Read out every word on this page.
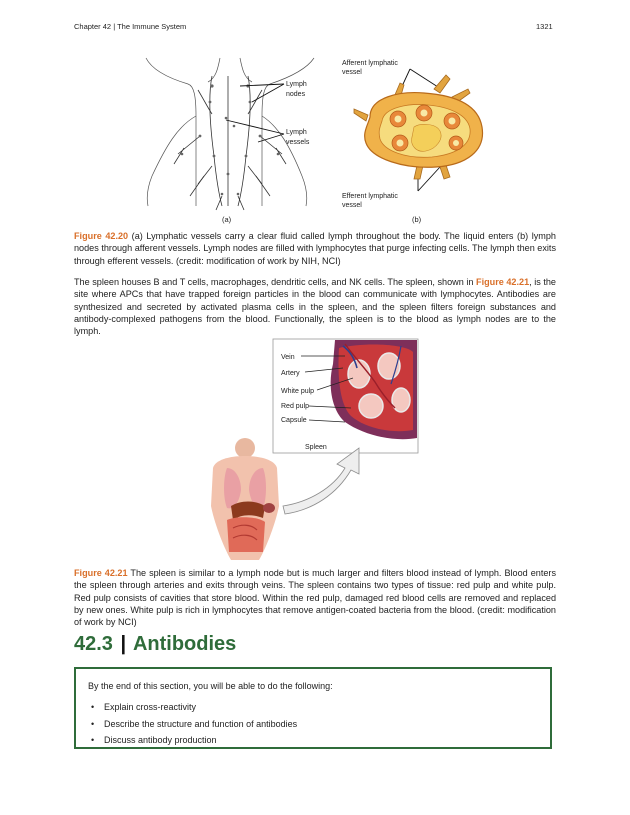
Chapter 42 | The Immune System	1321
Lymph
nodes
Lymph
vessels
Afferent lymphatic
vessel
Efferent lymphatic
vessel
(a)	(b)

Figure 42.20 (a) Lymphatic vessels carry a clear fluid called lymph throughout the body. The liquid enters (b) lymph nodes through afferent vessels. Lymph nodes are filled with lymphocytes that purge infecting cells. The lymph then exits through efferent vessels. (credit: modification of work by NIH, NCI)

The spleen houses B and T cells, macrophages, dendritic cells, and NK cells. The spleen, shown in Figure 42.21, is the site where APCs that have trapped foreign particles in the blood can communicate with lymphocytes. Antibodies are synthesized and secreted by activated plasma cells in the spleen, and the spleen filters foreign substances and antibody-complexed pathogens from the blood. Functionally, the spleen is to the blood as lymph nodes are to the lymph.

Vein
Artery
White pulp
Red pulp
Capsule
Spleen

Figure 42.21 The spleen is similar to a lymph node but is much larger and filters blood instead of lymph. Blood enters the spleen through arteries and exits through veins. The spleen contains two types of tissue: red pulp and white pulp. Red pulp consists of cavities that store blood. Within the red pulp, damaged red blood cells are removed and replaced by new ones. White pulp is rich in lymphocytes that remove antigen-coated bacteria from the blood. (credit: modification of work by NCI)

42.3 | Antibodies

By the end of this section, you will be able to do the following:

• Explain cross-reactivity
• Describe the structure and function of antibodies
• Discuss antibody production
